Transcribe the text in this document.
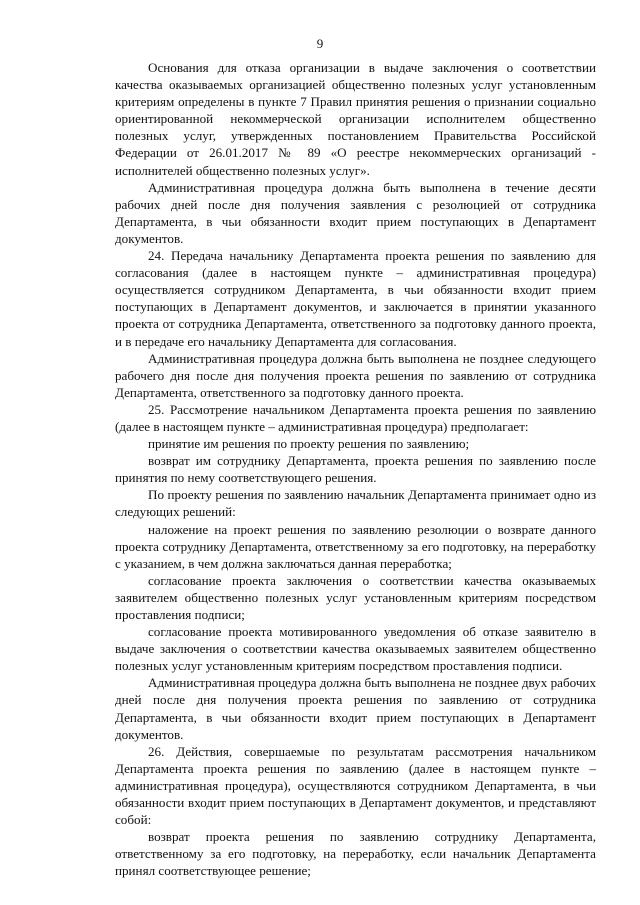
9

Основания для отказа организации в выдаче заключения о соответствии качества оказываемых организацией общественно полезных услуг установленным критериям определены в пункте 7 Правил принятия решения о признании социально ориентированной некоммерческой организации исполнителем общественно полезных услуг, утвержденных постановлением Правительства Российской Федерации от 26.01.2017 № 89 «О реестре некоммерческих организаций - исполнителей общественно полезных услуг».

Административная процедура должна быть выполнена в течение десяти рабочих дней после дня получения заявления с резолюцией от сотрудника Департамента, в чьи обязанности входит прием поступающих в Департамент документов.

24. Передача начальнику Департамента проекта решения по заявлению для согласования (далее в настоящем пункте – административная процедура) осуществляется сотрудником Департамента, в чьи обязанности входит прием поступающих в Департамент документов, и заключается в принятии указанного проекта от сотрудника Департамента, ответственного за подготовку данного проекта, и в передаче его начальнику Департамента для согласования.

Административная процедура должна быть выполнена не позднее следующего рабочего дня после дня получения проекта решения по заявлению от сотрудника Департамента, ответственного за подготовку данного проекта.

25. Рассмотрение начальником Департамента проекта решения по заявлению (далее в настоящем пункте – административная процедура) предполагает:

принятие им решения по проекту решения по заявлению;

возврат им сотруднику Департамента, проекта решения по заявлению после принятия по нему соответствующего решения.

По проекту решения по заявлению начальник Департамента принимает одно из следующих решений:

наложение на проект решения по заявлению резолюции о возврате данного проекта сотруднику Департамента, ответственному за его подготовку, на переработку с указанием, в чем должна заключаться данная переработка;

согласование проекта заключения о соответствии качества оказываемых заявителем общественно полезных услуг установленным критериям посредством проставления подписи;

согласование проекта мотивированного уведомления об отказе заявителю в выдаче заключения о соответствии качества оказываемых заявителем общественно полезных услуг установленным критериям посредством проставления подписи.

Административная процедура должна быть выполнена не позднее двух рабочих дней после дня получения проекта решения по заявлению от сотрудника Департамента, в чьи обязанности входит прием поступающих в Департамент документов.

26. Действия, совершаемые по результатам рассмотрения начальником Департамента проекта решения по заявлению (далее в настоящем пункте – административная процедура), осуществляются сотрудником Департамента, в чьи обязанности входит прием поступающих в Департамент документов, и представляют собой:

возврат проекта решения по заявлению сотруднику Департамента, ответственному за его подготовку, на переработку, если начальник Департамента принял соответствующее решение;
